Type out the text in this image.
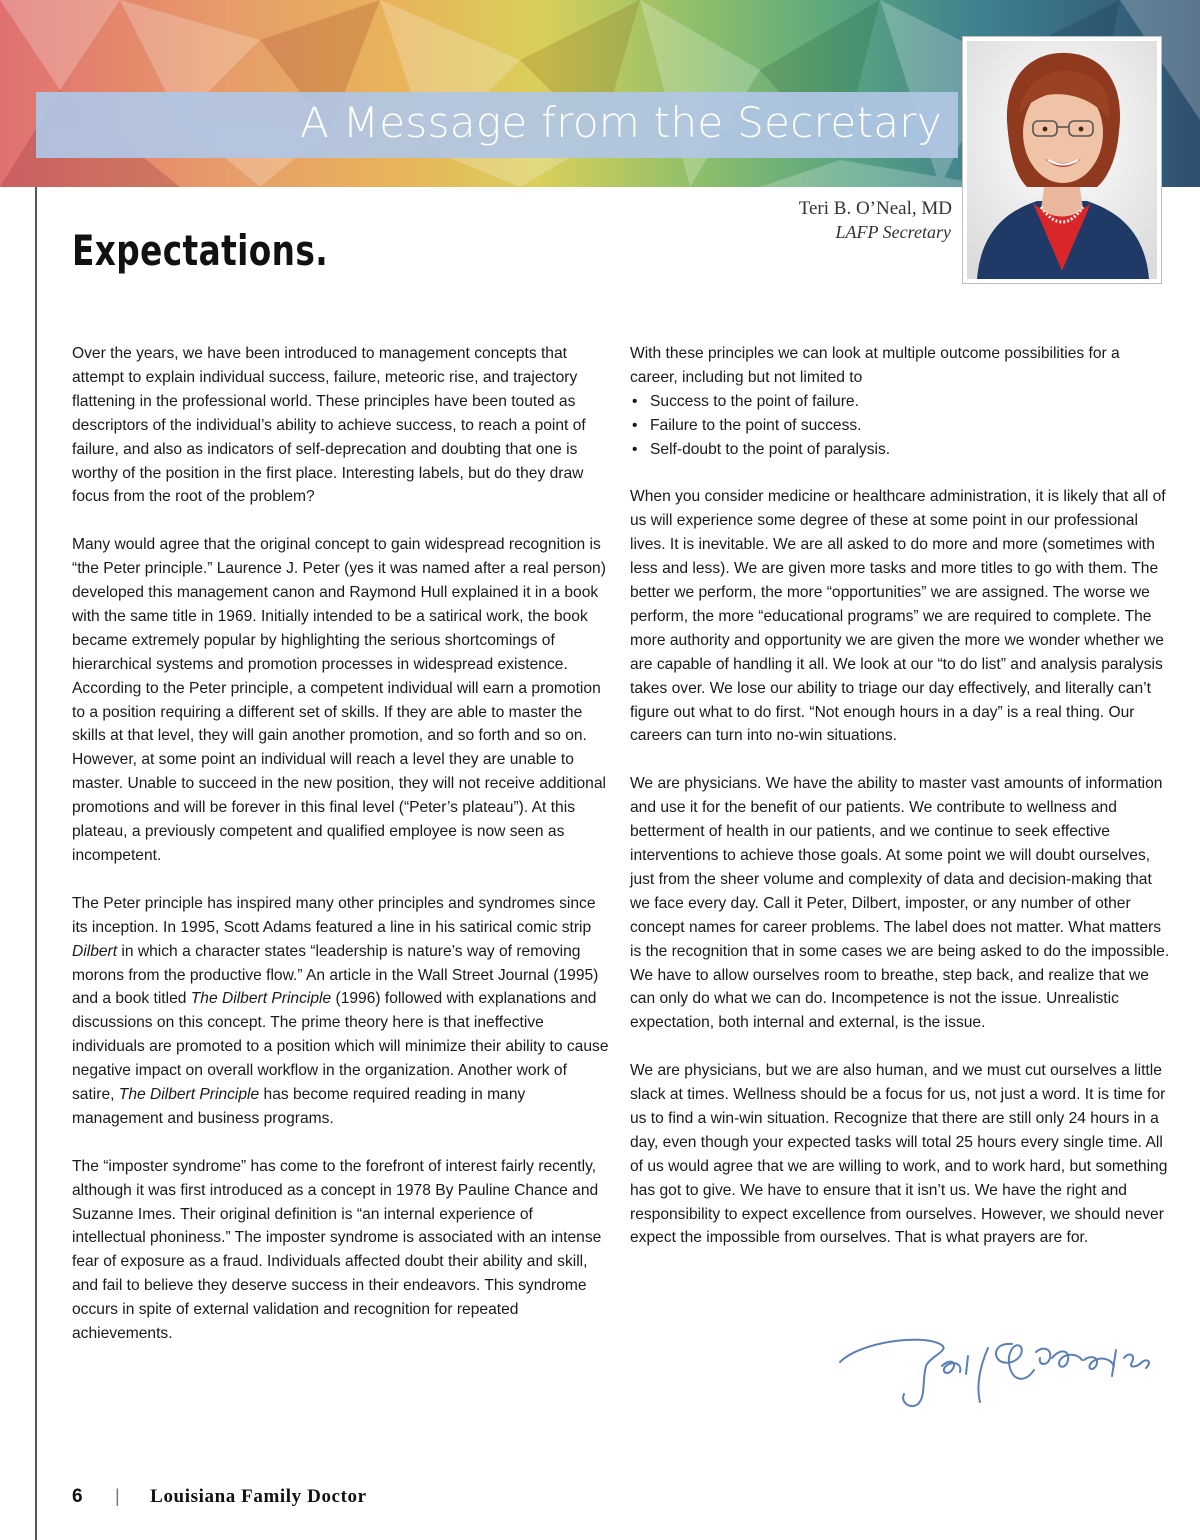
A Message from the Secretary
Teri B. O’Neal, MD
LAFP Secretary
Expectations.

Over the years, we have been introduced to management concepts that attempt to explain individual success, failure, meteoric rise, and trajectory flattening in the professional world. These principles have been touted as descriptors of the individual’s ability to achieve success, to reach a point of failure, and also as indicators of self-deprecation and doubting that one is worthy of the position in the first place. Interesting labels, but do they draw focus from the root of the problem?

Many would agree that the original concept to gain widespread recognition is “the Peter principle.” Laurence J. Peter (yes it was named after a real person) developed this management canon and Raymond Hull explained it in a book with the same title in 1969. Initially intended to be a satirical work, the book became extremely popular by highlighting the serious shortcomings of hierarchical systems and promotion processes in widespread existence. According to the Peter principle, a competent individual will earn a promotion to a position requiring a different set of skills. If they are able to master the skills at that level, they will gain another promotion, and so forth and so on. However, at some point an individual will reach a level they are unable to master. Unable to succeed in the new position, they will not receive additional promotions and will be forever in this final level (“Peter’s plateau”). At this plateau, a previously competent and qualified employee is now seen as incompetent.

The Peter principle has inspired many other principles and syndromes since its inception. In 1995, Scott Adams featured a line in his satirical comic strip Dilbert in which a character states “leadership is nature’s way of removing morons from the productive flow.” An article in the Wall Street Journal (1995) and a book titled The Dilbert Principle (1996) followed with explanations and discussions on this concept. The prime theory here is that ineffective individuals are promoted to a position which will minimize their ability to cause negative impact on overall workflow in the organization. Another work of satire, The Dilbert Principle has become required reading in many management and business programs.

The “imposter syndrome” has come to the forefront of interest fairly recently, although it was first introduced as a concept in 1978 By Pauline Chance and Suzanne Imes. Their original definition is “an internal experience of intellectual phoniness.” The imposter syndrome is associated with an intense fear of exposure as a fraud. Individuals affected doubt their ability and skill, and fail to believe they deserve success in their endeavors. This syndrome occurs in spite of external validation and recognition for repeated achievements.

With these principles we can look at multiple outcome possibilities for a career, including but not limited to
• Success to the point of failure.
• Failure to the point of success.
• Self-doubt to the point of paralysis.

When you consider medicine or healthcare administration, it is likely that all of us will experience some degree of these at some point in our professional lives. It is inevitable. We are all asked to do more and more (sometimes with less and less). We are given more tasks and more titles to go with them. The better we perform, the more “opportunities” we are assigned. The worse we perform, the more “educational programs” we are required to complete. The more authority and opportunity we are given the more we wonder whether we are capable of handling it all. We look at our “to do list” and analysis paralysis takes over. We lose our ability to triage our day effectively, and literally can’t figure out what to do first. “Not enough hours in a day” is a real thing. Our careers can turn into no-win situations.

We are physicians. We have the ability to master vast amounts of information and use it for the benefit of our patients. We contribute to wellness and betterment of health in our patients, and we continue to seek effective interventions to achieve those goals. At some point we will doubt ourselves, just from the sheer volume and complexity of data and decision-making that we face every day. Call it Peter, Dilbert, imposter, or any number of other concept names for career problems. The label does not matter. What matters is the recognition that in some cases we are being asked to do the impossible. We have to allow ourselves room to breathe, step back, and realize that we can only do what we can do. Incompetence is not the issue. Unrealistic expectation, both internal and external, is the issue.

We are physicians, but we are also human, and we must cut ourselves a little slack at times. Wellness should be a focus for us, not just a word. It is time for us to find a win-win situation. Recognize that there are still only 24 hours in a day, even though your expected tasks will total 25 hours every single time. All of us would agree that we are willing to work, and to work hard, but something has got to give. We have to ensure that it isn’t us. We have the right and responsibility to expect excellence from ourselves. However, we should never expect the impossible from ourselves. That is what prayers are for.

6 | Louisiana Family Doctor
